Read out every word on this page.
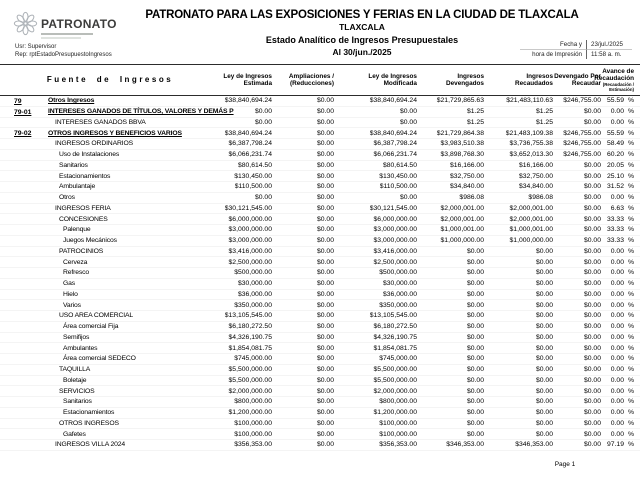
PATRONATO
PATRONATO PARA LAS EXPOSICIONES Y FERIAS EN LA CIUDAD DE TLAXCALA
TLAXCALA
Estado Analítico de Ingresos Presupuestales
Al 30/jun./2025
Usr: Supervisor
Rep: rptEstadoPresupuestoIngresos
Fecha y	23/jul./2025
hora de Impresión	11:58 a. m.
Fuente de Ingresos	Ley de Ingresos
Estimada
Ampliaciones /
(Reducciones)
Ley de Ingresos
Modificada
Ingresos
Devengados
Ingresos
Recaudados
Devengado Por
Recaudar
Avance de
Recaudación
(Recaudación /
Estimación)
79	Otros Ingresos	$38,840,694.24	$0.00	$38,840,694.24	$21,729,865.63	$21,483,110.63	$246,755.00 55.59 %
79-01	INTERESES GANADOS DE TÍTULOS, VALORES Y DEMÁS P	$0.00	$0.00	$0.00	$1.25	$1.25	$0.00	0.00 %
INTERESES GANADOS BBVA	$0.00	$0.00	$0.00	$1.25	$1.25	$0.00	0.00 %
79-02	OTROS INGRESOS Y BENEFICIOS VARIOS	$38,840,694.24	$0.00	$38,840,694.24	$21,729,864.38	$21,483,109.38	$246,755.00 55.59 %
INGRESOS ORDINARIOS	$6,387,798.24	$0.00	$6,387,798.24	$3,983,510.38	$3,736,755.38	$246,755.00 58.49 %
Uso de Instalaciones	$6,066,231.74	$0.00	$6,066,231.74	$3,898,768.30	$3,652,013.30	$246,755.00 60.20 %
Sanitarios	$80,614.50	$0.00	$80,614.50	$16,166.00	$16,166.00	$0.00 20.05 %
Estacionamientos	$130,450.00	$0.00	$130,450.00	$32,750.00	$32,750.00	$0.00 25.10 %
Ambulantaje	$110,500.00	$0.00	$110,500.00	$34,840.00	$34,840.00	$0.00 31.52 %
Otros	$0.00	$0.00	$0.00	$986.08	$986.08	$0.00	0.00 %
INGRESOS FERIA	$30,121,545.00	$0.00	$30,121,545.00	$2,000,001.00	$2,000,001.00	$0.00	6.63 %
CONCESIONES	$6,000,000.00	$0.00	$6,000,000.00	$2,000,001.00	$2,000,001.00	$0.00 33.33 %
Palenque	$3,000,000.00	$0.00	$3,000,000.00	$1,000,001.00	$1,000,001.00	$0.00 33.33 %
Juegos Mecánicos	$3,000,000.00	$0.00	$3,000,000.00	$1,000,000.00	$1,000,000.00	$0.00 33.33 %
PATROCINIOS	$3,416,000.00	$0.00	$3,416,000.00	$0.00	$0.00	$0.00	0.00 %
Cerveza	$2,500,000.00	$0.00	$2,500,000.00	$0.00	$0.00	$0.00	0.00 %
Refresco	$500,000.00	$0.00	$500,000.00	$0.00	$0.00	$0.00	0.00 %
Gas	$30,000.00	$0.00	$30,000.00	$0.00	$0.00	$0.00	0.00 %
Hielo	$36,000.00	$0.00	$36,000.00	$0.00	$0.00	$0.00	0.00 %
Varios	$350,000.00	$0.00	$350,000.00	$0.00	$0.00	$0.00	0.00 %
USO AREA COMERCIAL	$13,105,545.00	$0.00	$13,105,545.00	$0.00	$0.00	$0.00	0.00 %
Área comercial Fija	$6,180,272.50	$0.00	$6,180,272.50	$0.00	$0.00	$0.00	0.00 %
Semifijos	$4,326,190.75	$0.00	$4,326,190.75	$0.00	$0.00	$0.00	0.00 %
Ambulantes	$1,854,081.75	$0.00	$1,854,081.75	$0.00	$0.00	$0.00	0.00 %
Área comercial SEDECO	$745,000.00	$0.00	$745,000.00	$0.00	$0.00	$0.00	0.00 %
TAQUILLA	$5,500,000.00	$0.00	$5,500,000.00	$0.00	$0.00	$0.00	0.00 %
Boletaje	$5,500,000.00	$0.00	$5,500,000.00	$0.00	$0.00	$0.00	0.00 %
SERVICIOS	$2,000,000.00	$0.00	$2,000,000.00	$0.00	$0.00	$0.00	0.00 %
Sanitarios	$800,000.00	$0.00	$800,000.00	$0.00	$0.00	$0.00	0.00 %
Estacionamientos	$1,200,000.00	$0.00	$1,200,000.00	$0.00	$0.00	$0.00	0.00 %
OTROS INGRESOS	$100,000.00	$0.00	$100,000.00	$0.00	$0.00	$0.00	0.00 %
Gafetes	$100,000.00	$0.00	$100,000.00	$0.00	$0.00	$0.00	0.00 %
INGRESOS VILLA 2024	$356,353.00	$0.00	$356,353.00	$346,353.00	$346,353.00	$0.00 97.19 %
Page 1
